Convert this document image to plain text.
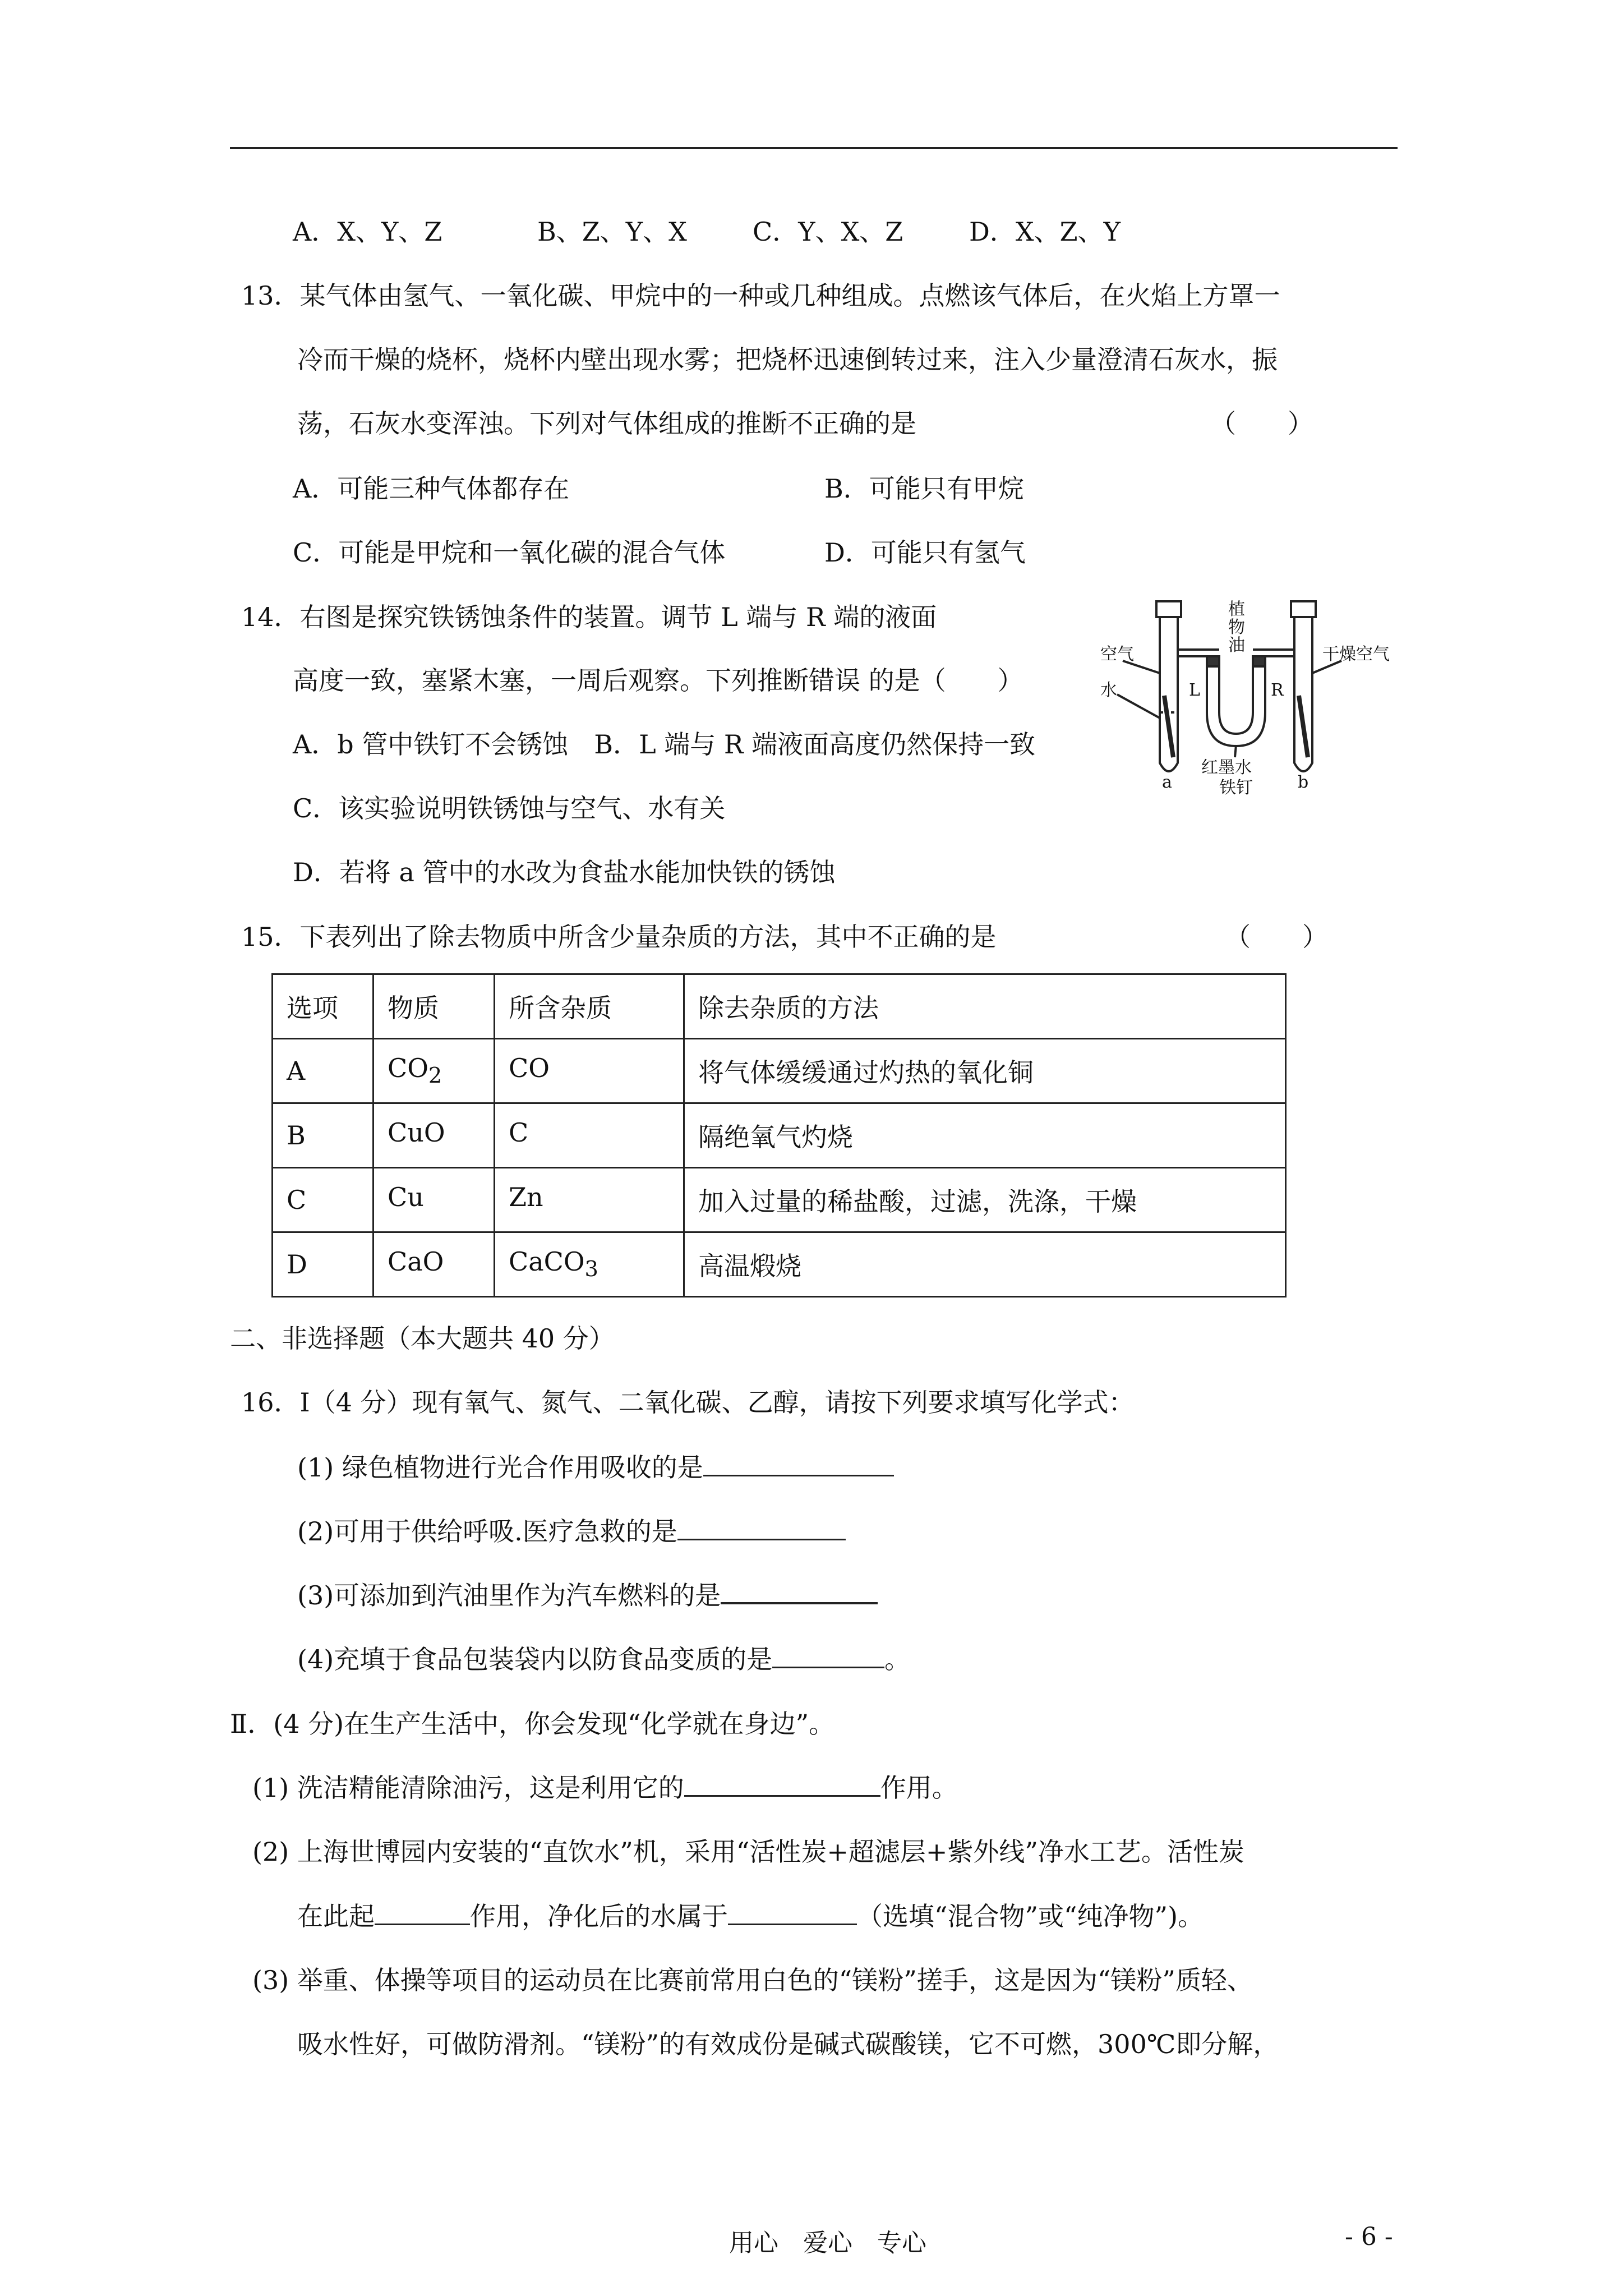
A．X、Y、Z	B、Z、Y、X	C．Y、X、Z	D．X、Z、Y
13．某气体由氢气、一氧化碳、甲烷中的一种或几种组成。点燃该气体后，在火焰上方罩一
冷而干燥的烧杯，烧杯内壁出现水雾；把烧杯迅速倒转过来，注入少量澄清石灰水，振
荡，石灰水变浑浊。下列对气体组成的推断不正确的是	（　　）
A．可能三种气体都存在	B．可能只有甲烷
C．可能是甲烷和一氧化碳的混合气体	D．可能只有氢气
14．右图是探究铁锈蚀条件的装置。调节 L 端与 R 端的液面
高度一致，塞紧木塞，一周后观察。下列推断错误 的是（　　）
A．b 管中铁钉不会锈蚀　B．L 端与 R 端液面高度仍然保持一致
C．该实验说明铁锈蚀与空气、水有关
D．若将 a 管中的水改为食盐水能加快铁的锈蚀
植
物
油
空气
水	L	R
干燥空气
红墨水
铁钉
a	b
15．下表列出了除去物质中所含少量杂质的方法，其中不正确的是	（　　）
选项	物质	所含杂质	除去杂质的方法
A	$CO_2$	CO	将气体缓缓通过灼热的氧化铜
B	CuO	C	隔绝氧气灼烧
C	Cu	Zn	加入过量的稀盐酸，过滤，洗涤，干燥
D	CaO	CaCO$_3$	高温煅烧
二、非选择题（本大题共 40 分）
16．Ⅰ（4 分）现有氧气、氮气、二氧化碳、乙醇，请按下列要求填写化学式：
(1) 绿色植物进行光合作用吸收的是
(2)可用于供给呼吸.医疗急救的是
(3)可添加到汽油里作为汽车燃料的是
(4)充填于食品包装袋内以防食品变质的是	。
Ⅱ．(4 分)在生产生活中，你会发现“化学就在身边”。
(1) 洗洁精能清除油污，这是利用它的	作用。
(2) 上海世博园内安装的“直饮水”机，采用“活性炭+超滤层+紫外线”净水工艺。活性炭
在此起	作用，净化后的水属于	（选填“混合物”或“纯净物”)。
(3) 举重、体操等项目的运动员在比赛前常用白色的“镁粉”搓手，这是因为“镁粉”质轻、
吸水性好，可做防滑剂。“镁粉”的有效成份是碱式碳酸镁，它不可燃，300℃即分解，
用心　爱心　专心	- 6 -
